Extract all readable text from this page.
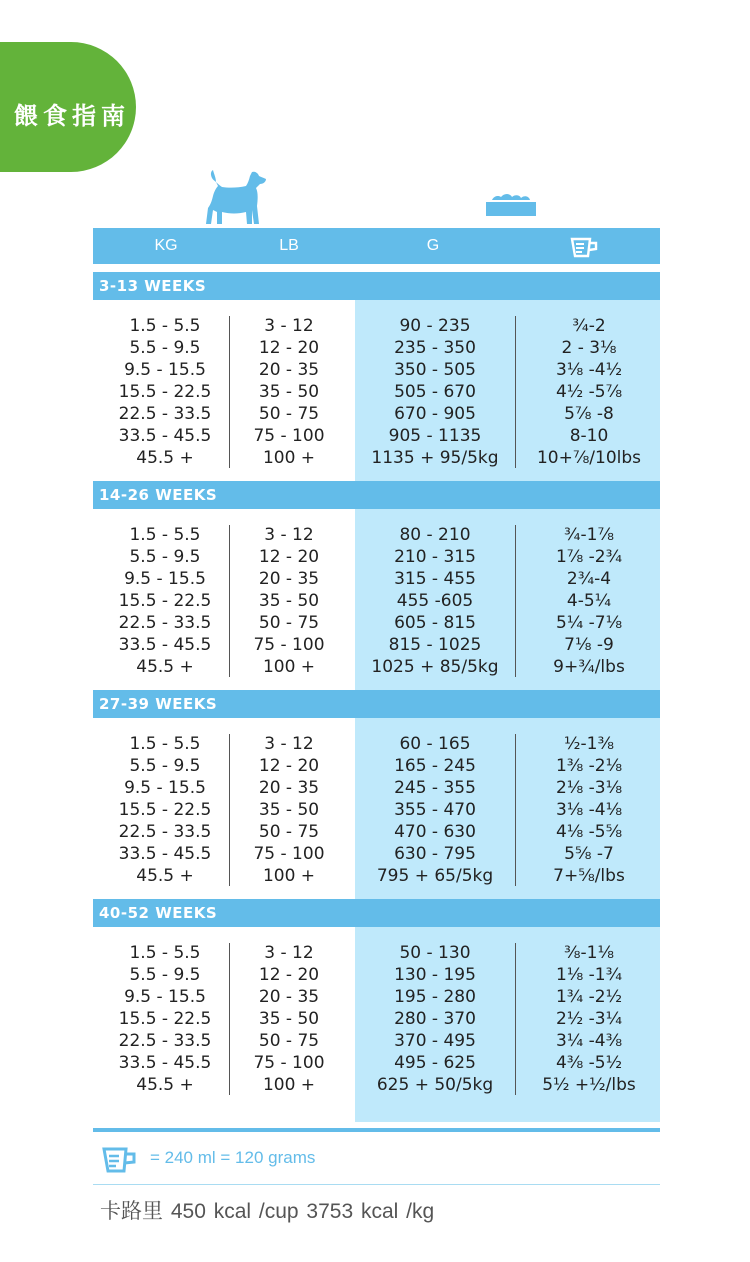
餵食指南
KG	LB	G
3-13 WEEKS
1.5 - 5.5
5.5 - 9.5
9.5 - 15.5
15.5 - 22.5
22.5 - 33.5
33.5 - 45.5
45.5 +
3 - 12
12 - 20
20 - 35
35 - 50
50 - 75
75 - 100
100 +
90 - 235
235 - 350
350 - 505
505 - 670
670 - 905
905 - 1135
1135 + 95/5kg
¾-2
2 - 3⅛
3⅛ -4½
4½ -5⅞
5⅞ -8
8-10
10+⅞/10lbs
14-26 WEEKS
1.5 - 5.5
5.5 - 9.5
9.5 - 15.5
15.5 - 22.5
22.5 - 33.5
33.5 - 45.5
45.5 +
3 - 12
12 - 20
20 - 35
35 - 50
50 - 75
75 - 100
100 +
80 - 210
210 - 315
315 - 455
455 -605
605 - 815
815 - 1025
1025 + 85/5kg
¾-1⅞
1⅞ -2¾
2¾-4
4-5¼
5¼ -7⅛
7⅛ -9
9+¾/lbs
27-39 WEEKS
1.5 - 5.5
5.5 - 9.5
9.5 - 15.5
15.5 - 22.5
22.5 - 33.5
33.5 - 45.5
45.5 +
3 - 12
12 - 20
20 - 35
35 - 50
50 - 75
75 - 100
100 +
60 - 165
165 - 245
245 - 355
355 - 470
470 - 630
630 - 795
795 + 65/5kg
½-1⅜
1⅜ -2⅛
2⅛ -3⅛
3⅛ -4⅛
4⅛ -5⅝
5⅝ -7
7+⅝/lbs
40-52 WEEKS
1.5 - 5.5
5.5 - 9.5
9.5 - 15.5
15.5 - 22.5
22.5 - 33.5
33.5 - 45.5
45.5 +
3 - 12
12 - 20
20 - 35
35 - 50
50 - 75
75 - 100
100 +
50 - 130
130 - 195
195 - 280
280 - 370
370 - 495
495 - 625
625 + 50/5kg
⅜-1⅛
1⅛ -1¾
1¾ -2½
2½ -3¼
3¼ -4⅜
4⅜ -5½
5½ +½/lbs
= 240 ml = 120 grams
卡路里 450 kcal /cup 3753 kcal /kg
